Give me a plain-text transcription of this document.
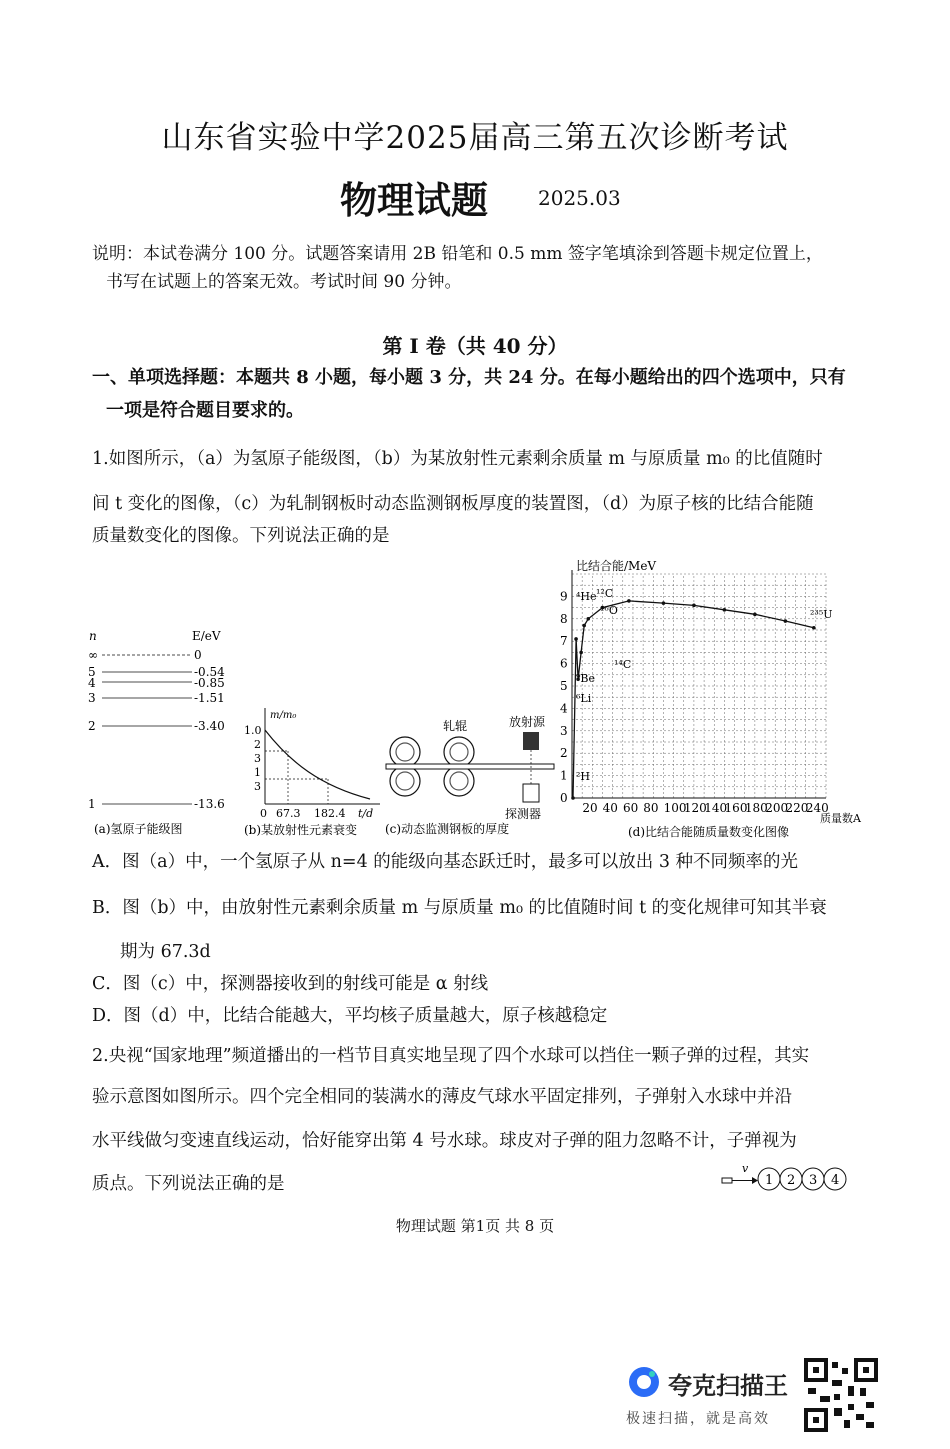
山东省实验中学2025届高三第五次诊断考试
物理试题	2025.03
说明：本试卷满分 100 分。试题答案请用 2B 铅笔和 0.5 mm 签字笔填涂到答题卡规定位置上，
书写在试题上的答案无效。考试时间 90 分钟。
第 I 卷（共 40 分）
一、单项选择题：本题共 8 小题，每小题 3 分，共 24 分。在每小题给出的四个选项中，只有
一项是符合题目要求的。
1.如图所示，（a）为氢原子能级图，（b）为某放射性元素剩余质量 m 与原质量 m₀ 的比值随时
间 t 变化的图像，（c）为轧制钢板时动态监测钢板厚度的装置图，（d）为原子核的比结合能随
质量数变化的图像。下列说法正确的是
n	E/eV
∞	0
5	-0.54
4	-0.85
3	-1.51
2	-3.40
1	-13.6
(a)氢原子能级图
m/m₀
1.0
2
3
1
3
0 67.3 182.4 t/d
(b)某放射性元素衰变
轧辊	放射源
探测器
(c)动态监测钢板的厚度
比结合能/MeV
质量数A
20 40 60 80 100
120
140
160
180
200
220
240
0
1
2
3
4
5
6
7
8
9 ⁴He ¹²C
¹⁶O	²³⁵U
¹⁴C
⁹Be
⁶Li
²H
(d)比结合能随质量数变化图像
A．图（a）中，一个氢原子从 n=4 的能级向基态跃迁时，最多可以放出 3 种不同频率的光
B．图（b）中，由放射性元素剩余质量 m 与原质量 m₀ 的比值随时间 t 的变化规律可知其半衰
期为 67.3d
C．图（c）中，探测器接收到的射线可能是 α 射线
D．图（d）中，比结合能越大，平均核子质量越大，原子核越稳定
2.央视“国家地理”频道播出的一档节目真实地呈现了四个水球可以挡住一颗子弹的过程，其实
验示意图如图所示。四个完全相同的装满水的薄皮气球水平固定排列，子弹射入水球中并沿
水平线做匀变速直线运动，恰好能穿出第 4 号水球。球皮对子弹的阻力忽略不计，子弹视为
质点。下列说法正确的是
v
1 2 3 4
物理试题 第1页 共 8 页
夸克扫描王
极速扫描，就是高效
